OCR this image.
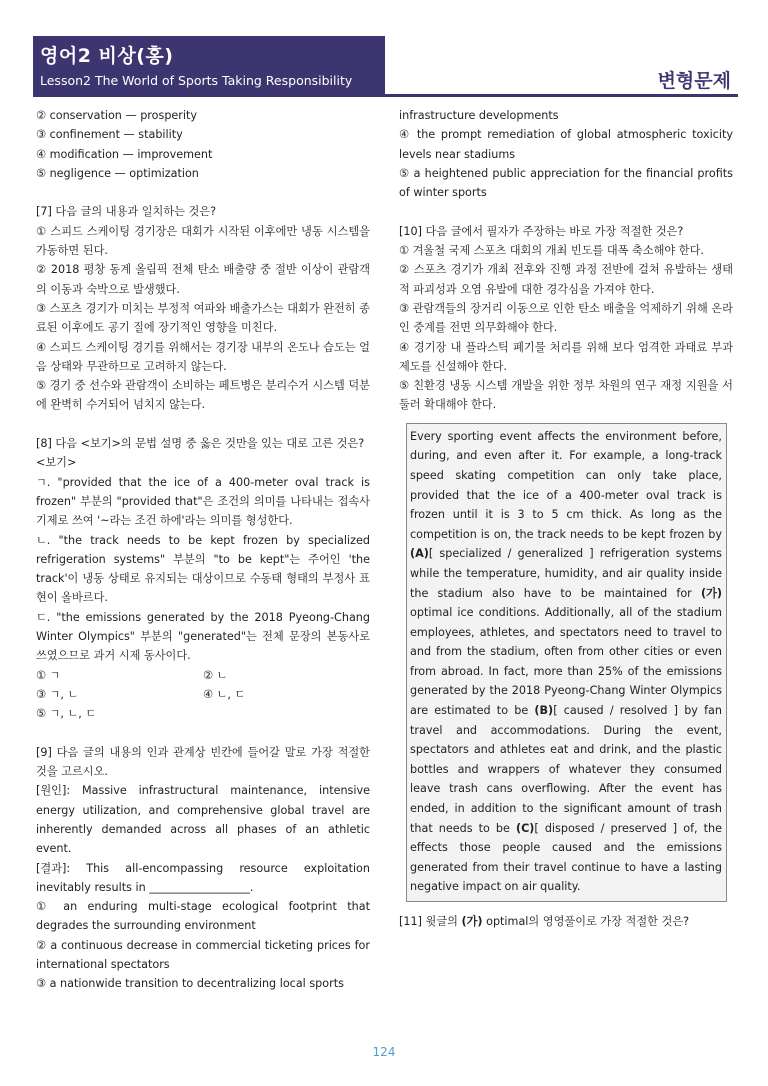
영어2 비상(홍)
Lesson2 The World of Sports Taking Responsibility	변형문제

② conservation — prosperity

③ confinement — stability

④ modification — improvement

⑤ negligence — optimization

[7] 다음 글의 내용과 일치하는 것은?

① 스피드 스케이팅 경기장은 대회가 시작된 이후에만 냉동 시스템을 가동하면 된다.

② 2018 평창 동계 올림픽 전체 탄소 배출량 중 절반 이상이 관람객의 이동과 숙박으로 발생했다.

③ 스포츠 경기가 미치는 부정적 여파와 배출가스는 대회가 완전히 종료된 이후에도 공기 질에 장기적인 영향을 미친다.

④ 스피드 스케이팅 경기를 위해서는 경기장 내부의 온도나 습도는 얼음 상태와 무관하므로 고려하지 않는다.

⑤ 경기 중 선수와 관람객이 소비하는 페트병은 분리수거 시스템 덕분에 완벽히 수거되어 넘치지 않는다.

[8] 다음 <보기>의 문법 설명 중 옳은 것만을 있는 대로 고른 것은?

<보기>

ㄱ. "provided that the ice of a 400-meter oval track is frozen" 부분의 "provided that"은 조건의 의미를 나타내는 접속사 기제로 쓰여 '~라는 조건 하에'라는 의미를 형성한다.

ㄴ. "the track needs to be kept frozen by specialized refrigeration systems" 부분의 "to be kept"는 주어인 'the track'이 냉동 상태로 유지되는 대상이므로 수동태 형태의 부정사 표현이 올바르다.

ㄷ. "the emissions generated by the 2018 Pyeong-Chang Winter Olympics" 부분의 "generated"는 전체 문장의 본동사로 쓰였으므로 과거 시제 동사이다.

① ㄱ	② ㄴ
③ ㄱ, ㄴ	④ ㄴ, ㄷ

⑤ ㄱ, ㄴ, ㄷ

[9] 다음 글의 내용의 인과 관계상 빈칸에 들어갈 말로 가장 적절한 것을 고르시오.

[원인]: Massive infrastructural maintenance, intensive energy utilization, and comprehensive global travel are inherently demanded across all phases of an athletic event.

[결과]: This all-encompassing resource exploitation inevitably results in __________________.

① an enduring multi-stage ecological footprint that degrades the surrounding environment

② a continuous decrease in commercial ticketing prices for international spectators

③ a nationwide transition to decentralizing local sports

infrastructure developments

④ the prompt remediation of global atmospheric toxicity levels near stadiums

⑤ a heightened public appreciation for the financial profits of winter sports

[10] 다음 글에서 필자가 주장하는 바로 가장 적절한 것은?

① 겨울철 국제 스포츠 대회의 개최 빈도를 대폭 축소해야 한다.

② 스포츠 경기가 개최 전후와 진행 과정 전반에 걸쳐 유발하는 생태적 파괴성과 오염 유발에 대한 경각심을 가져야 한다.

③ 관람객들의 장거리 이동으로 인한 탄소 배출을 억제하기 위해 온라인 중계를 전면 의무화해야 한다.

④ 경기장 내 플라스틱 폐기물 처리를 위해 보다 엄격한 과태료 부과 제도를 신설해야 한다.

⑤ 친환경 냉동 시스템 개발을 위한 정부 차원의 연구 재정 지원을 서둘러 확대해야 한다.

Every sporting event affects the environment before, during, and even after it. For example, a long-track speed skating competition can only take place, provided that the ice of a 400-meter oval track is frozen until it is 3 to 5 cm thick. As long as the competition is on, the track needs to be kept frozen by (A)[ specialized / generalized ] refrigeration systems while the temperature, humidity, and air quality inside the stadium also have to be maintained for (가) optimal ice conditions. Additionally, all of the stadium employees, athletes, and spectators need to travel to and from the stadium, often from other cities or even from abroad. In fact, more than 25% of the emissions generated by the 2018 Pyeong-Chang Winter Olympics are estimated to be (B)[ caused / resolved ] by fan travel and accommodations. During the event, spectators and athletes eat and drink, and the plastic bottles and wrappers of whatever they consumed leave trash cans overflowing. After the event has ended, in addition to the significant amount of trash that needs to be (C)[ disposed / preserved ] of, the effects those people caused and the emissions generated from their travel continue to have a lasting negative impact on air quality.

[11] 윗글의 (가) optimal의 영영풀이로 가장 적절한 것은?

124
